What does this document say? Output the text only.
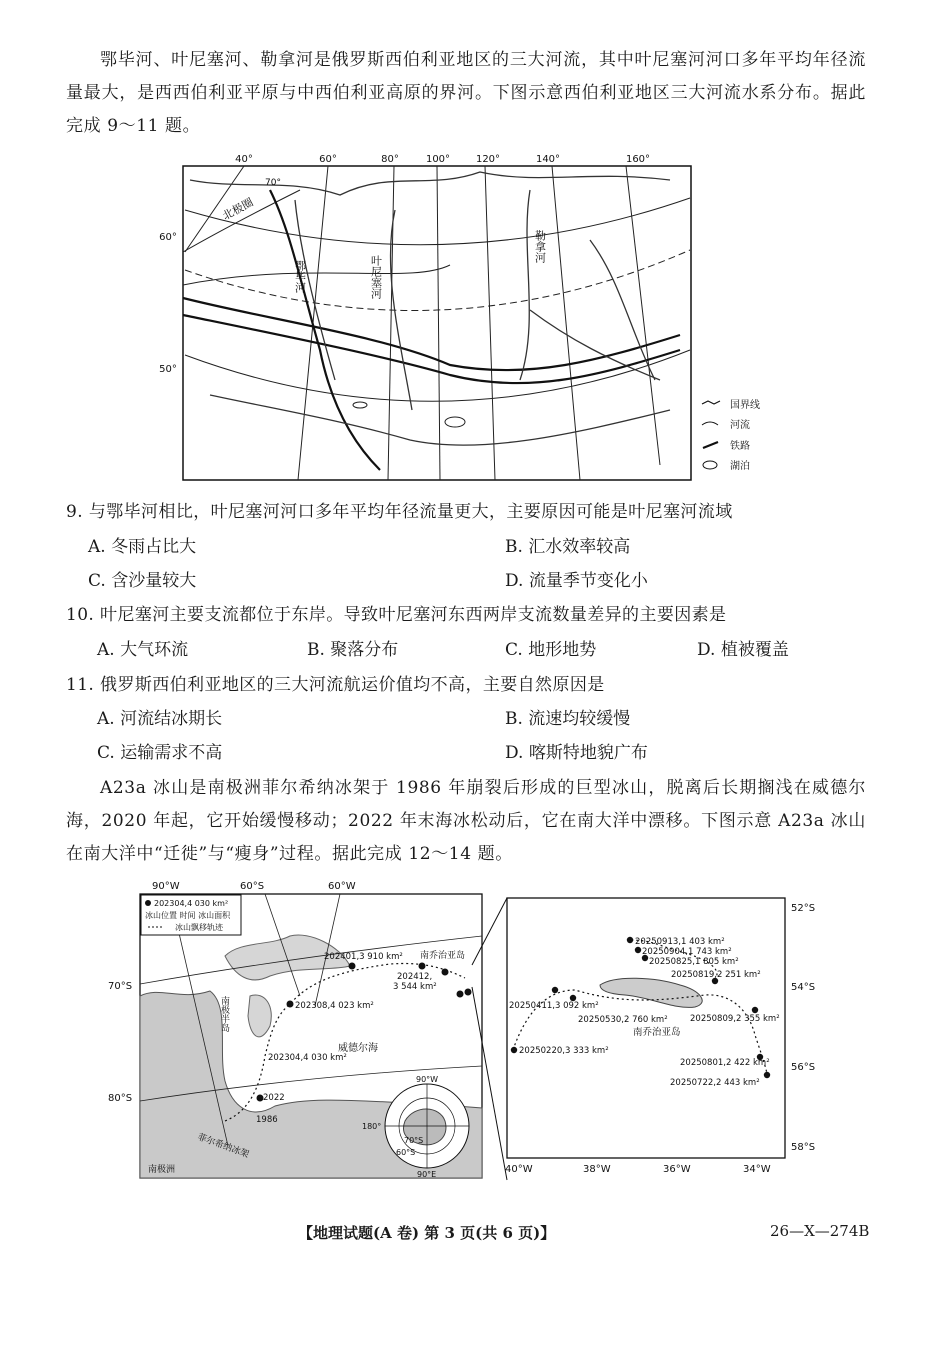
鄂毕河、叶尼塞河、勒拿河是俄罗斯西伯利亚地区的三大河流，其中叶尼塞河河口多年平均年径流量最大，是西西伯利亚平原与中西伯利亚高原的界河。下图示意西伯利亚地区三大河流水系分布。据此完成 9～11 题。
40°	60°	80°	100°	120°	140°	160°
60°
50°
70°
北极圈
鄂毕河	叶尼塞河
勒拿河
国界线
河流
铁路
湖泊
9. 与鄂毕河相比，叶尼塞河河口多年平均年径流量更大，主要原因可能是叶尼塞河流域
A. 冬雨占比大	B. 汇水效率较高
C. 含沙量较大	D. 流量季节变化小
10. 叶尼塞河主要支流都位于东岸。导致叶尼塞河东西两岸支流数量差异的主要因素是
A. 大气环流	B. 聚落分布	C. 地形地势	D. 植被覆盖
11. 俄罗斯西伯利亚地区的三大河流航运价值均不高，主要自然原因是
A. 河流结冰期长	B. 流速均较缓慢
C. 运输需求不高	D. 喀斯特地貌广布
A23a 冰山是南极洲菲尔希纳冰架于 1986 年崩裂后形成的巨型冰山，脱离后长期搁浅在威德尔海，2020 年起，它开始缓慢移动；2022 年末海冰松动后，它在南大洋中漂移。下图示意 A23a 冰山在南大洋中“迁徙”与“瘦身”过程。据此完成 12～14 题。
202304,4 030 km²
冰山位置 时间 冰山面积
冰山飘移轨迹
90°W	60°S	60°W
70°S
80°S
202401,3 910 km²
202412,
3 544 km²
202308,4 023 km²
202304,4 030 km²
2022
1986
南乔治亚岛
威德尔海
南极半岛
菲尔希纳冰架
南极洲
90°W
180°
70°S
60°S
90°E
20250913,1 403 km²
20250904,1 743 km²
20250825,1 805 km²
20250819,2 251 km²
20250411,3 092 km²
20250530,2 760 km²	20250809,2 355 km²
20250220,3 333 km²
20250801,2 422 km²
20250722,2 443 km²
南乔治亚岛
52°S
54°S
56°S
58°S
40°W	38°W	36°W	34°W
【地理试题(A 卷) 第 3 页(共 6 页)】	26—X—274B
